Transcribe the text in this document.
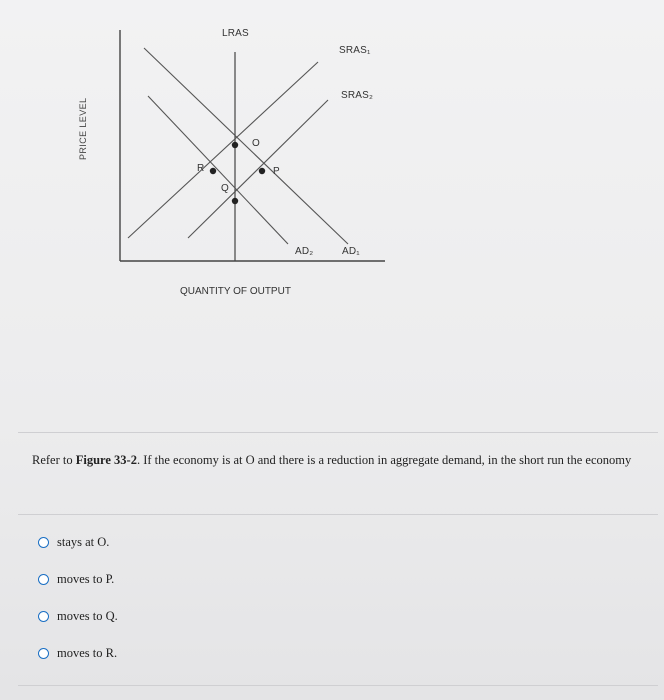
LRAS
SRAS₁
SRAS₂
AD₂	AD₁
O
R	P
Q
PRICE LEVEL
QUANTITY OF OUTPUT
Refer to Figure 33-2. If the economy is at O and there is a reduction in aggregate demand, in the short run the economy
stays at O.
moves to P.
moves to Q.
moves to R.
